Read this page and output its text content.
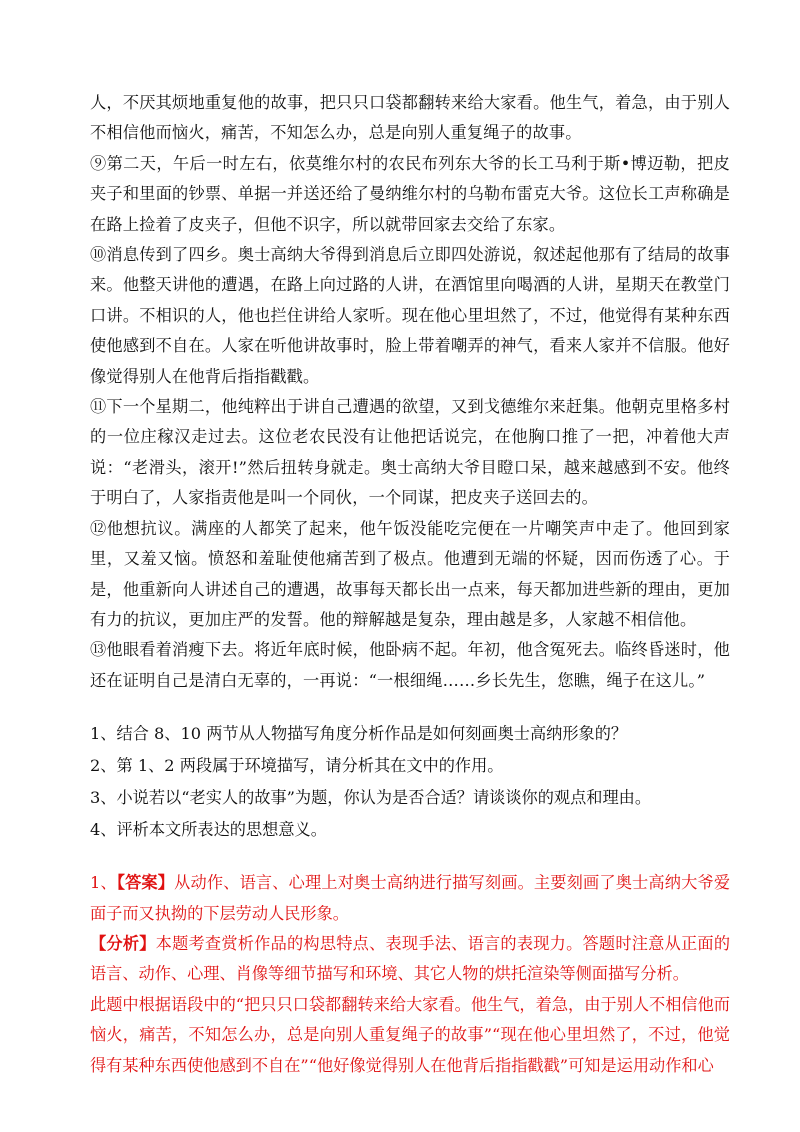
人，不厌其烦地重复他的故事，把只只口袋都翻转来给大家看。他生气，着急，由于别人不相信他而恼火，痛苦，不知怎么办，总是向别人重复绳子的故事。

⑨第二天，午后一时左右，依莫维尔村的农民布列东大爷的长工马利于斯•博迈勒，把皮夹子和里面的钞票、单据一并送还给了曼纳维尔村的乌勒布雷克大爷。这位长工声称确是在路上捡着了皮夹子，但他不识字，所以就带回家去交给了东家。

⑩消息传到了四乡。奥士高纳大爷得到消息后立即四处游说，叙述起他那有了结局的故事来。他整天讲他的遭遇，在路上向过路的人讲，在酒馆里向喝酒的人讲，星期天在教堂门口讲。不相识的人，他也拦住讲给人家听。现在他心里坦然了，不过，他觉得有某种东西使他感到不自在。人家在听他讲故事时，脸上带着嘲弄的神气，看来人家并不信服。他好像觉得别人在他背后指指戳戳。

⑪下一个星期二，他纯粹出于讲自己遭遇的欲望，又到戈德维尔来赶集。他朝克里格多村的一位庄稼汉走过去。这位老农民没有让他把话说完，在他胸口推了一把，冲着他大声说：“老滑头，滚开!”然后扭转身就走。奥士高纳大爷目瞪口呆，越来越感到不安。他终于明白了，人家指责他是叫一个同伙，一个同谋，把皮夹子送回去的。

⑫他想抗议。满座的人都笑了起来，他午饭没能吃完便在一片嘲笑声中走了。他回到家里，又羞又恼。愤怒和羞耻使他痛苦到了极点。他遭到无端的怀疑，因而伤透了心。于是，他重新向人讲述自己的遭遇，故事每天都长出一点来，每天都加进些新的理由，更加有力的抗议，更加庄严的发誓。他的辩解越是复杂，理由越是多，人家越不相信他。

⑬他眼看着消瘦下去。将近年底时候，他卧病不起。年初，他含冤死去。临终昏迷时，他还在证明自己是清白无辜的，一再说：“一根细绳……乡长先生，您瞧，绳子在这儿。”

1、结合 8、10 两节从人物描写角度分析作品是如何刻画奥士高纳形象的？

2、第 1、2 两段属于环境描写，请分析其在文中的作用。

3、小说若以“老实人的故事”为题，你认为是否合适？请谈谈你的观点和理由。

4、评析本文所表达的思想意义。

1、【答案】从动作、语言、心理上对奥士高纳进行描写刻画。主要刻画了奥士高纳大爷爱面子而又执拗的下层劳动人民形象。

【分析】本题考查赏析作品的构思特点、表现手法、语言的表现力。答题时注意从正面的语言、动作、心理、肖像等细节描写和环境、其它人物的烘托渲染等侧面描写分析。

此题中根据语段中的“把只只口袋都翻转来给大家看。他生气，着急，由于别人不相信他而恼火，痛苦，不知怎么办，总是向别人重复绳子的故事”“现在他心里坦然了，不过，他觉得有某种东西使他感到不自在”“他好像觉得别人在他背后指指戳戳”可知是运用动作和心
